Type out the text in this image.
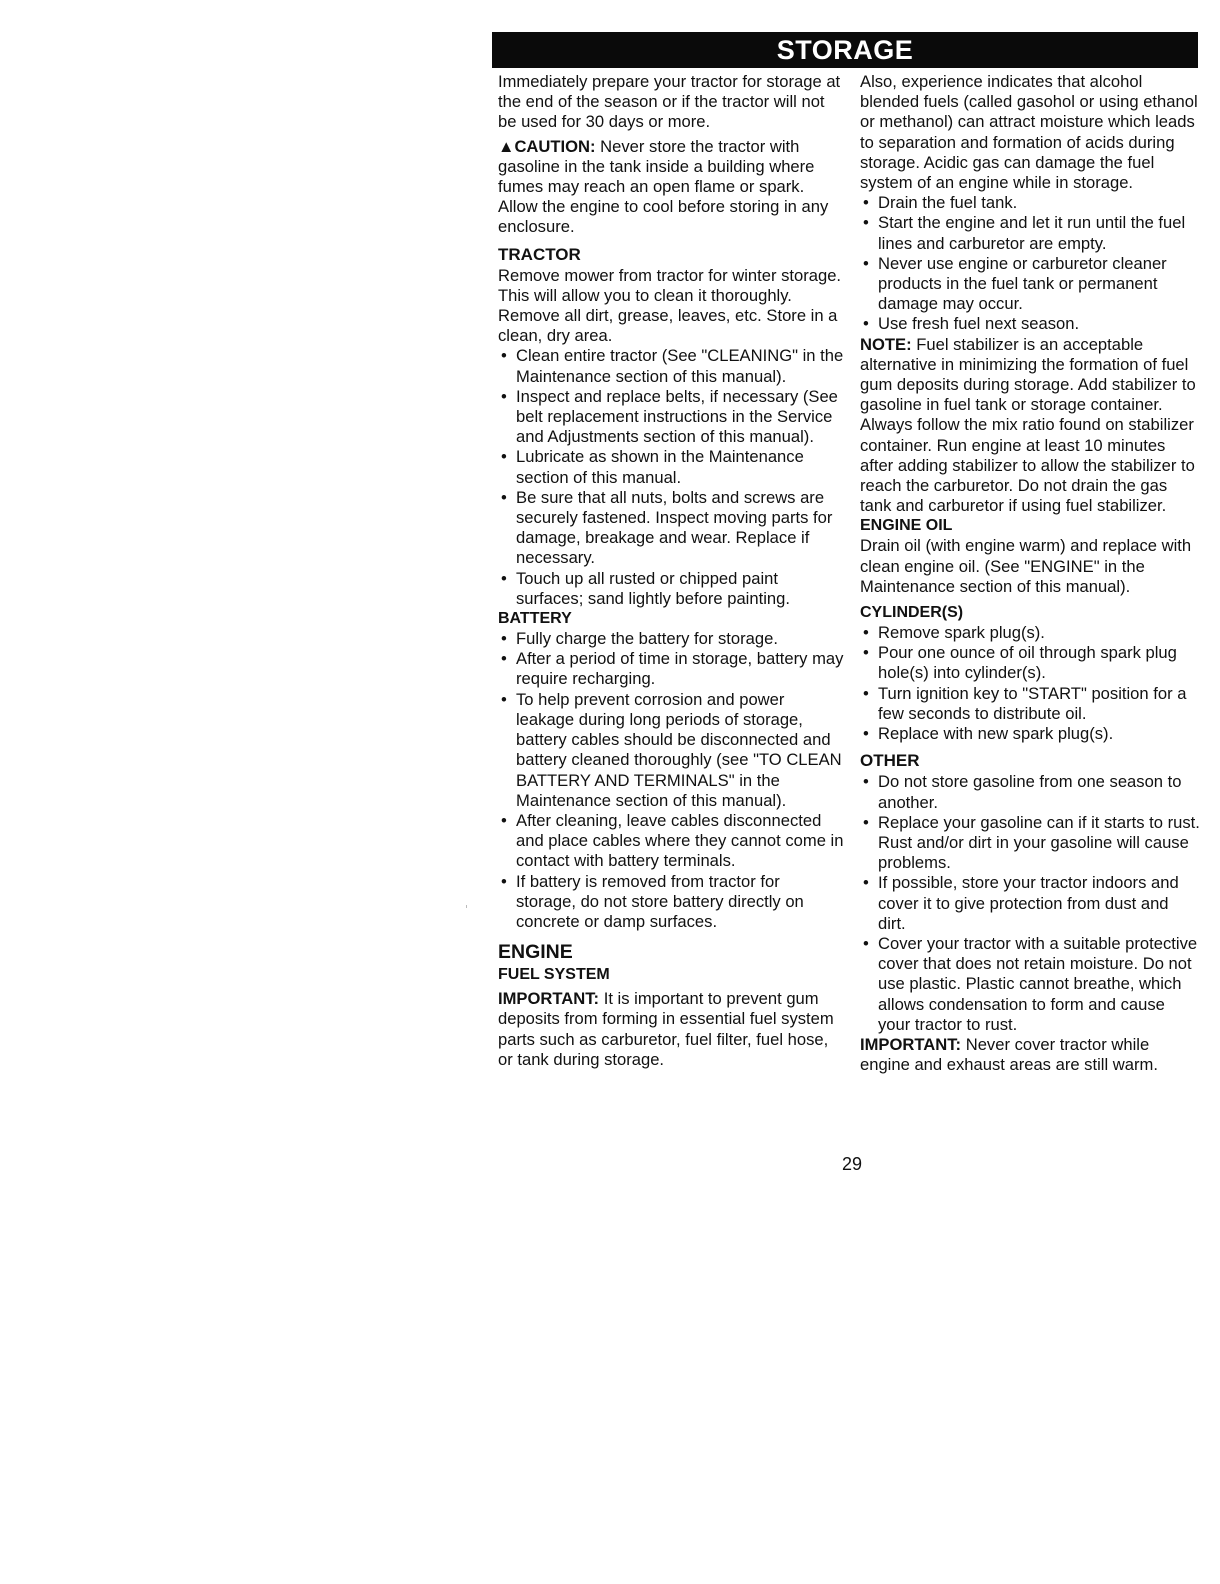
STORAGE

Immediately prepare your tractor for storage at the end of the season or if the tractor will not be used for 30 days or more.

▲CAUTION: Never store the tractor with gasoline in the tank inside a building where fumes may reach an open flame or spark. Allow the engine to cool before storing in any enclosure.

TRACTOR

Remove mower from tractor for winter storage. This will allow you to clean it thoroughly. Remove all dirt, grease, leaves, etc. Store in a clean, dry area.

• Clean entire tractor (See "CLEANING" in the Maintenance section of this manual).
• Inspect and replace belts, if necessary (See belt replacement instructions in the Service and Adjustments section of this manual).
• Lubricate as shown in the Maintenance section of this manual.
• Be sure that all nuts, bolts and screws are securely fastened. Inspect moving parts for damage, breakage and wear. Replace if necessary.
• Touch up all rusted or chipped paint surfaces; sand lightly before painting.
BATTERY
• Fully charge the battery for storage.
• After a period of time in storage, battery may require recharging.
• To help prevent corrosion and power leakage during long periods of storage, battery cables should be disconnected and battery cleaned thoroughly (see "TO CLEAN BATTERY AND TERMINALS" in the Maintenance section of this manual).
• After cleaning, leave cables disconnected and place cables where they cannot come in contact with battery terminals.
• If battery is removed from tractor for storage, do not store battery directly on concrete or damp surfaces.
ENGINE
FUEL SYSTEM

IMPORTANT: It is important to prevent gum deposits from forming in essential fuel system parts such as carburetor, fuel filter, fuel hose, or tank during storage.

Also, experience indicates that alcohol blended fuels (called gasohol or using ethanol or methanol) can attract moisture which leads to separation and formation of acids during storage. Acidic gas can damage the fuel system of an engine while in storage.

• Drain the fuel tank.
• Start the engine and let it run until the fuel lines and carburetor are empty.
• Never use engine or carburetor cleaner products in the fuel tank or permanent damage may occur.
• Use fresh fuel next season.

NOTE: Fuel stabilizer is an acceptable alternative in minimizing the formation of fuel gum deposits during storage. Add stabilizer to gasoline in fuel tank or storage container. Always follow the mix ratio found on stabilizer container. Run engine at least 10 minutes after adding stabilizer to allow the stabilizer to reach the carburetor. Do not drain the gas tank and carburetor if using fuel stabilizer.

ENGINE OIL

Drain oil (with engine warm) and replace with clean engine oil. (See "ENGINE" in the Maintenance section of this manual).

CYLINDER(S)
• Remove spark plug(s).
• Pour one ounce of oil through spark plug hole(s) into cylinder(s).
• Turn ignition key to "START" position for a few seconds to distribute oil.
• Replace with new spark plug(s).
OTHER
• Do not store gasoline from one season to another.
• Replace your gasoline can if it starts to rust. Rust and/or dirt in your gasoline will cause problems.
• If possible, store your tractor indoors and cover it to give protection from dust and dirt.
• Cover your tractor with a suitable protective cover that does not retain moisture. Do not use plastic. Plastic cannot breathe, which allows condensation to form and cause your tractor to rust.

IMPORTANT: Never cover tractor while engine and exhaust areas are still warm.

29
